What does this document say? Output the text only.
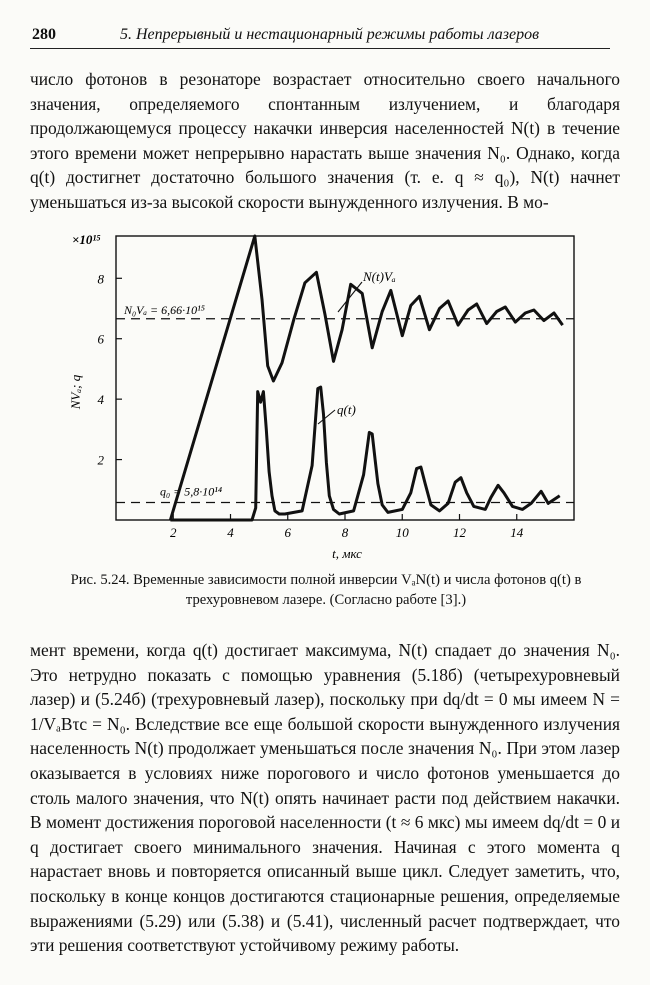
280	5. Непрерывный и нестационарный режимы работы лазеров

число фотонов в резонаторе возрастает относительно своего начального значения, определяемого спонтанным излучением, и благодаря продолжающемуся процессу накачки инверсия населенностей N(t) в течение этого времени может непрерывно нарастать выше значения N₀. Однако, когда q(t) достигнет достаточно большого значения (т. е. q ≈ q₀), N(t) начнет уменьшаться из-за высокой скорости вынужденного излучения. В мо-

2	4	6	8	10	12	14
2
4
6
8
N₀Vₐ = 6,66·10¹⁵
q₀ = 5,8·10¹⁴
N(t)Vₐ
q(t)
×10¹⁵
NVₐ; q
t, мкс

Рис. 5.24. Временные зависимости полной инверсии VₐN(t) и числа фотонов q(t) в трехуровневом лазере. (Согласно работе [3].)

мент времени, когда q(t) достигает максимума, N(t) спадает до значения N₀. Это нетрудно показать с помощью уравнения (5.18б) (четырехуровневый лазер) и (5.24б) (трехуровневый лазер), поскольку при dq/dt = 0 мы имеем N = 1/VₐBτc = N₀. Вследствие все еще большой скорости вынужденного излучения населенность N(t) продолжает уменьшаться после значения N₀. При этом лазер оказывается в условиях ниже порогового и число фотонов уменьшается до столь малого значения, что N(t) опять начинает расти под действием накачки. В момент достижения пороговой населенности (t ≈ 6 мкс) мы имеем dq/dt = 0 и q достигает своего минимального значения. Начиная с этого момента q нарастает вновь и повторяется описанный выше цикл. Следует заметить, что, поскольку в конце концов достигаются стационарные решения, определяемые выражениями (5.29) или (5.38) и (5.41), численный расчет подтверждает, что эти решения соответствуют устойчивому режиму работы.
